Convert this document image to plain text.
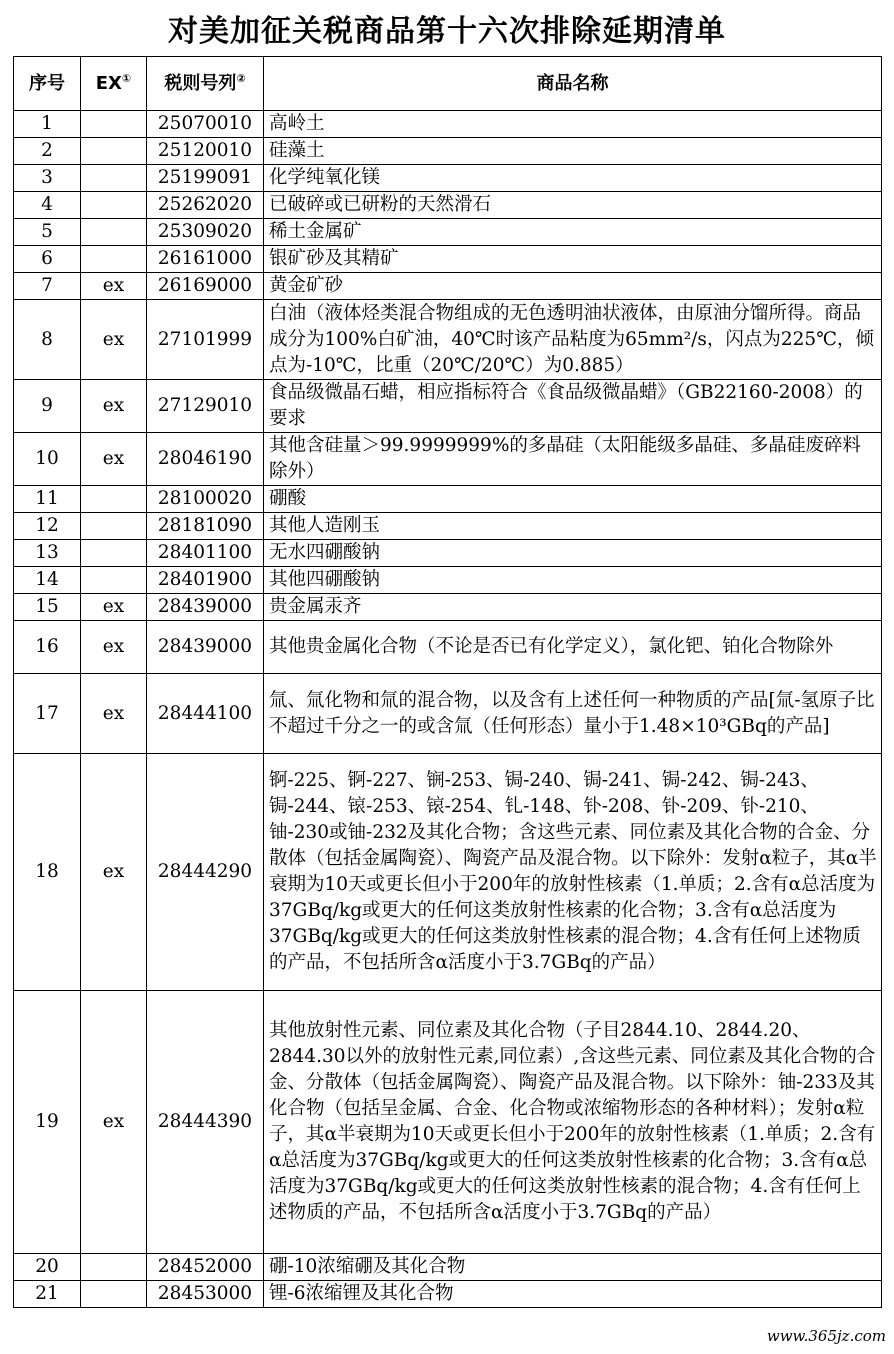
对美加征关税商品第十六次排除延期清单
序号	EX①	税则号列②	商品名称
1		25070010	高岭土
2		25120010	硅藻土
3		25199091	化学纯氧化镁
4		25262020	已破碎或已研粉的天然滑石
5		25309020	稀土金属矿
6		26161000	银矿砂及其精矿
7	ex	26169000	黄金矿砂
8	ex	27101999	白油（液体烃类混合物组成的无色透明油状液体，由原油分馏所得。商品成分为100%白矿油，40℃时该产品粘度为65mm²/s，闪点为225℃，倾点为-10℃，比重（20℃/20℃）为0.885）
9	ex	27129010	食品级微晶石蜡，相应指标符合《食品级微晶蜡》（GB22160-2008）的要求
10	ex	28046190	其他含硅量＞99.9999999%的多晶硅（太阳能级多晶硅、多晶硅废碎料除外）
11		28100020	硼酸
12		28181090	其他人造刚玉
13		28401100	无水四硼酸钠
14		28401900	其他四硼酸钠
15	ex	28439000	贵金属汞齐
16	ex	28439000	其他贵金属化合物（不论是否已有化学定义），氯化钯、铂化合物除外
17	ex	28444100	氚、氚化物和氚的混合物，以及含有上述任何一种物质的产品[氚-氢原子比不超过千分之一的或含氚（任何形态）量小于1.48×10³GBq的产品]
18	ex	28444290	锕-225、锕-227、锎-253、锔-240、锔-241、锔-242、锔-243、锔-244、锿-253、锿-254、钆-148、钋-208、钋-209、钋-210、铀-230或铀-232及其化合物；含这些元素、同位素及其化合物的合金、分散体（包括金属陶瓷）、陶瓷产品及混合物。以下除外：发射α粒子，其α半衰期为10天或更长但小于200年的放射性核素（1.单质；2.含有α总活度为37GBq/kg或更大的任何这类放射性核素的化合物；3.含有α总活度为37GBq/kg或更大的任何这类放射性核素的混合物；4.含有任何上述物质的产品，不包括所含α活度小于3.7GBq的产品）
19	ex	28444390	其他放射性元素、同位素及其化合物（子目2844.10、2844.20、2844.30以外的放射性元素,同位素）,含这些元素、同位素及其化合物的合金、分散体（包括金属陶瓷）、陶瓷产品及混合物。以下除外：铀-233及其化合物（包括呈金属、合金、化合物或浓缩物形态的各种材料）；发射α粒子，其α半衰期为10天或更长但小于200年的放射性核素（1.单质；2.含有α总活度为37GBq/kg或更大的任何这类放射性核素的化合物；3.含有α总活度为37GBq/kg或更大的任何这类放射性核素的混合物；4.含有任何上述物质的产品，不包括所含α活度小于3.7GBq的产品）
20		28452000	硼-10浓缩硼及其化合物
21		28453000	锂-6浓缩锂及其化合物
www.365jz.com
